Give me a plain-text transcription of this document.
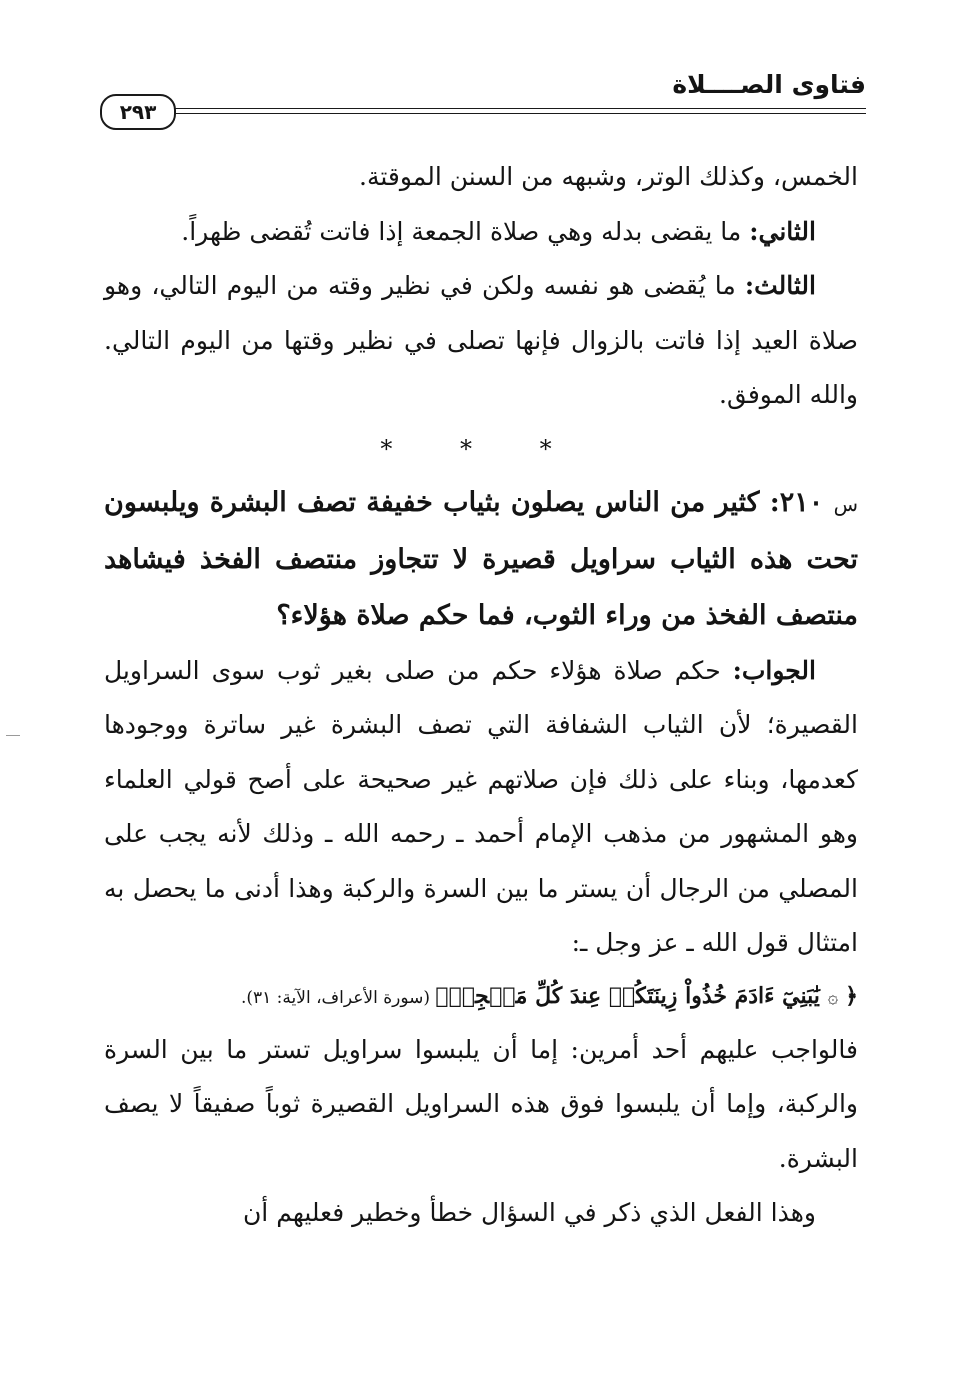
فتاوى الصــــلاة
٢٩٣

الخمس، وكذلك الوتر، وشبهه من السنن الموقتة.

الثاني: ما يقضى بدله وهي صلاة الجمعة إذا فاتت تُقضى ظهراً.

الثالث: ما يُقضى هو نفسه ولكن في نظير وقته من اليوم التالي، وهو صلاة العيد إذا فاتت بالزوال فإنها تصلى في نظير وقتها من اليوم التالي. والله الموفق.

* * *

س ٢١٠: كثير من الناس يصلون بثياب خفيفة تصف البشرة ويلبسون تحت هذه الثياب سراويل قصيرة لا تتجاوز منتصف الفخذ فيشاهد منتصف الفخذ من وراء الثوب، فما حكم صلاة هؤلاء؟

الجواب: حكم صلاة هؤلاء حكم من صلى بغير ثوب سوى السراويل القصيرة؛ لأن الثياب الشفافة التي تصف البشرة غير ساترة ووجودها كعدمها، وبناء على ذلك فإن صلاتهم غير صحيحة على أصح قولي العلماء وهو المشهور من مذهب الإمام أحمد ـ رحمه الله ـ وذلك لأنه يجب على المصلي من الرجال أن يستر ما بين السرة والركبة وهذا أدنى ما يحصل به امتثال قول الله ـ عز وجل ـ:

﴿ ۞ يَٰبَنِيٓ ءَادَمَ خُذُواْ زِينَتَكُمۡ عِندَ كُلِّ مَسۡجِدٖ﴾ (سورة الأعراف، الآية: ٣١).

فالواجب عليهم أحد أمرين: إما أن يلبسوا سراويل تستر ما بين السرة والركبة، وإما أن يلبسوا فوق هذه السراويل القصيرة ثوباً صفيقاً لا يصف البشرة.

وهذا الفعل الذي ذكر في السؤال خطأ وخطير فعليهم أن
